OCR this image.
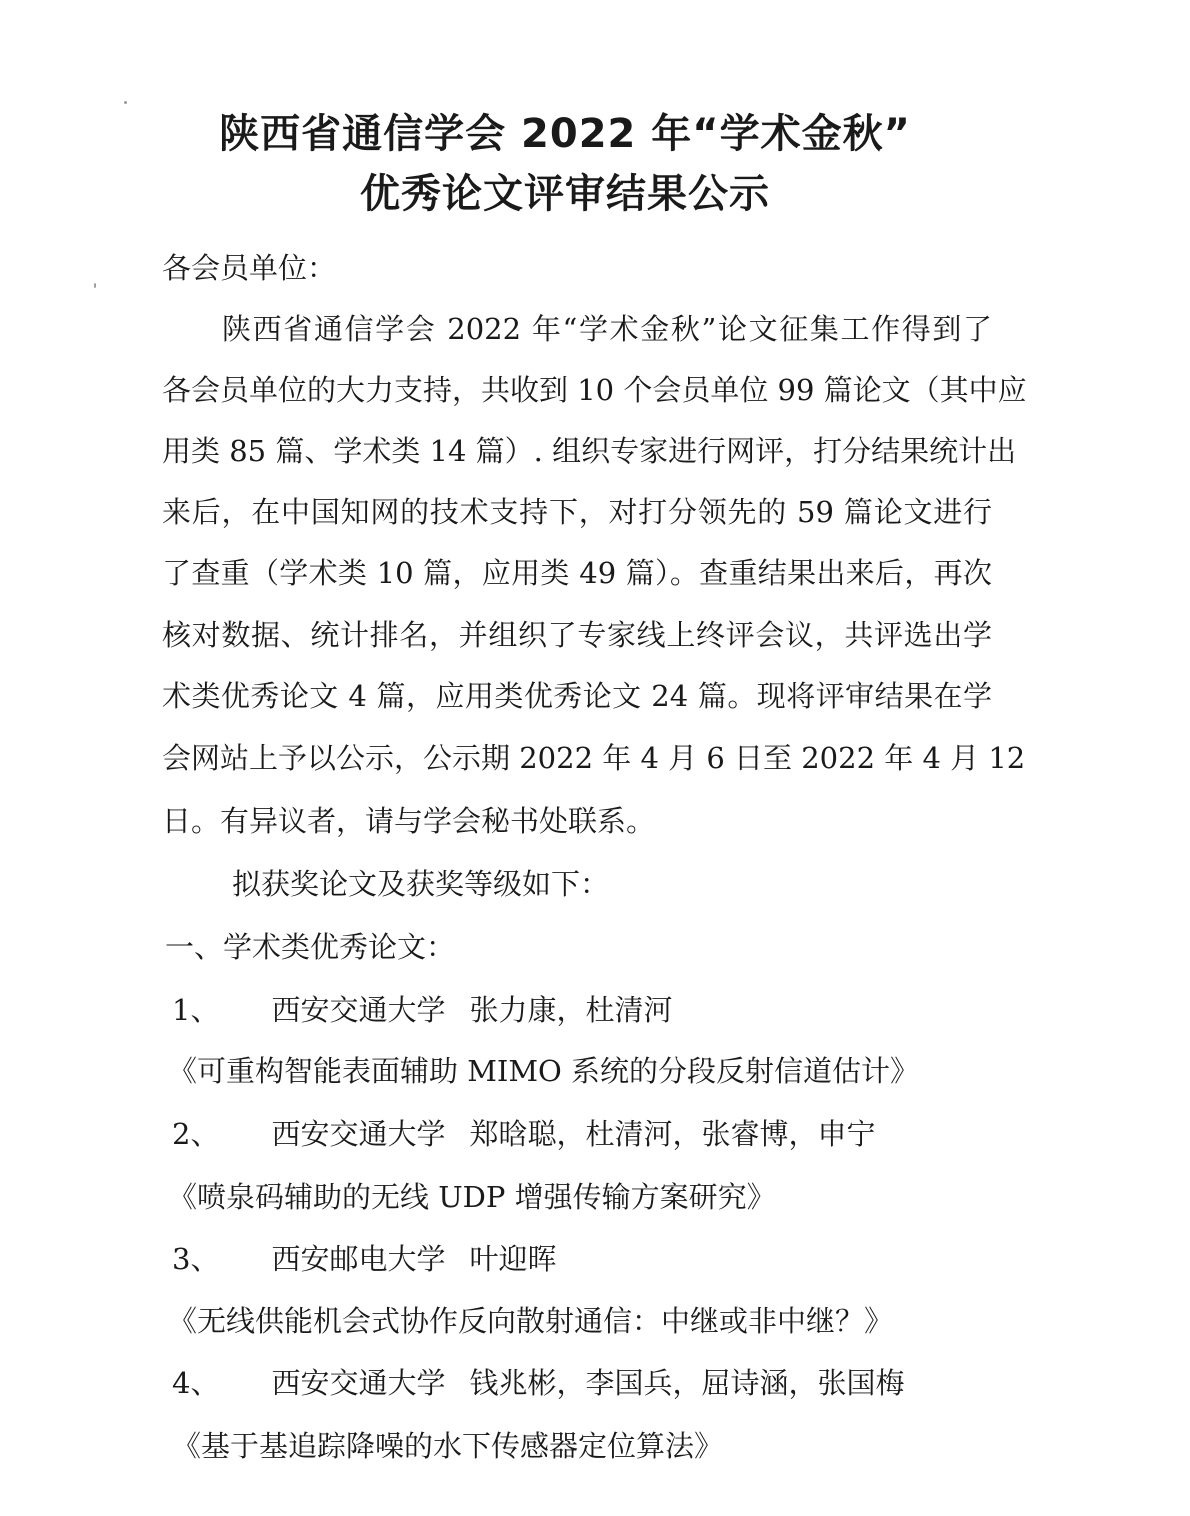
陕西省通信学会 2022 年“学术金秋”
优秀论文评审结果公示
各会员单位：
陕西省通信学会 2022 年“学术金秋”论文征集工作得到了
各会员单位的大力支持，共收到 10 个会员单位 99 篇论文（其中应
用类 85 篇、学术类 14 篇）. 组织专家进行网评，打分结果统计出
来后，在中国知网的技术支持下，对打分领先的 59 篇论文进行
了查重（学术类 10 篇，应用类 49 篇）。查重结果出来后，再次
核对数据、统计排名，并组织了专家线上终评会议，共评选出学
术类优秀论文 4 篇，应用类优秀论文 24 篇。现将评审结果在学
会网站上予以公示，公示期 2022 年 4 月 6 日至 2022 年 4 月 12
日。有异议者，请与学会秘书处联系。
拟获奖论文及获奖等级如下：
一、学术类优秀论文：
1、 西安交通大学 张力康，杜清河
《可重构智能表面辅助 MIMO 系统的分段反射信道估计》
2、 西安交通大学 郑晗聪，杜清河，张睿博，申宁
《喷泉码辅助的无线 UDP 增强传输方案研究》
3、 西安邮电大学 叶迎晖
《无线供能机会式协作反向散射通信：中继或非中继？》
4、 西安交通大学 钱兆彬，李国兵，屈诗涵，张国梅
《基于基追踪降噪的水下传感器定位算法》
